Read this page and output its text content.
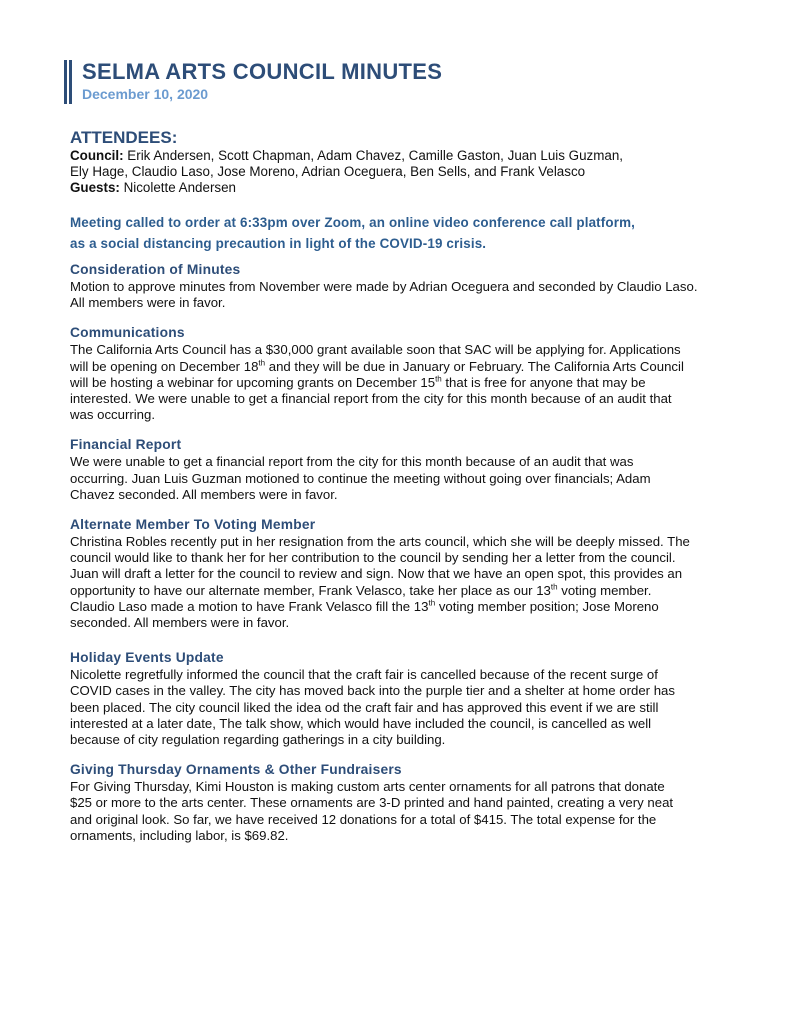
SELMA ARTS COUNCIL MINUTES

December 10, 2020

ATTENDEES:

Council: Erik Andersen, Scott Chapman, Adam Chavez, Camille Gaston, Juan Luis Guzman,

Ely Hage, Claudio Laso, Jose Moreno, Adrian Oceguera, Ben Sells, and Frank Velasco

Guests: Nicolette Andersen

Meeting called to order at 6:33pm over Zoom, an online video conference call platform,
as a social distancing precaution in light of the COVID-19 crisis.

Consideration of Minutes

Motion to approve minutes from November were made by Adrian Oceguera and seconded by Claudio Laso.
All members were in favor.

Communications

The California Arts Council has a $30,000 grant available soon that SAC will be applying for. Applications
will be opening on December 18th and they will be due in January or February. The California Arts Council
will be hosting a webinar for upcoming grants on December 15th that is free for anyone that may be
interested. We were unable to get a financial report from the city for this month because of an audit that
was occurring.

Financial Report

We were unable to get a financial report from the city for this month because of an audit that was
occurring. Juan Luis Guzman motioned to continue the meeting without going over financials; Adam
Chavez seconded. All members were in favor.

Alternate Member To Voting Member

Christina Robles recently put in her resignation from the arts council, which she will be deeply missed. The
council would like to thank her for her contribution to the council by sending her a letter from the council.
Juan will draft a letter for the council to review and sign. Now that we have an open spot, this provides an
opportunity to have our alternate member, Frank Velasco, take her place as our 13th voting member.
Claudio Laso made a motion to have Frank Velasco fill the 13th voting member position; Jose Moreno
seconded. All members were in favor.

Holiday Events Update

Nicolette regretfully informed the council that the craft fair is cancelled because of the recent surge of
COVID cases in the valley. The city has moved back into the purple tier and a shelter at home order has
been placed. The city council liked the idea od the craft fair and has approved this event if we are still
interested at a later date, The talk show, which would have included the council, is cancelled as well
because of city regulation regarding gatherings in a city building.

Giving Thursday Ornaments & Other Fundraisers

For Giving Thursday, Kimi Houston is making custom arts center ornaments for all patrons that donate
$25 or more to the arts center. These ornaments are 3-D printed and hand painted, creating a very neat
and original look. So far, we have received 12 donations for a total of $415. The total expense for the
ornaments, including labor, is $69.82.
